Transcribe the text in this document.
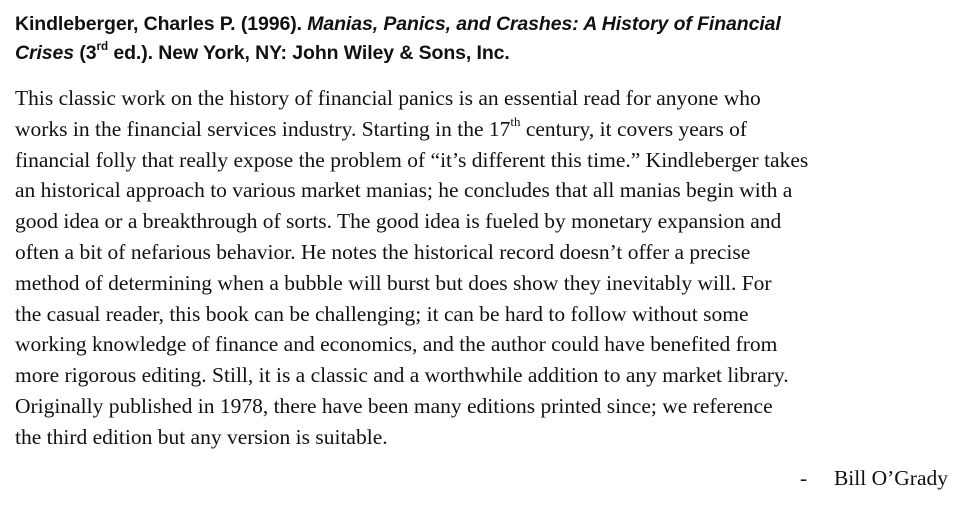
Kindleberger, Charles P. (1996). Manias, Panics, and Crashes: A History of Financial
Crises (3rd ed.). New York, NY: John Wiley & Sons, Inc.
This classic work on the history of financial panics is an essential read for anyone who
works in the financial services industry. Starting in the 17th century, it covers years of
financial folly that really expose the problem of “it’s different this time.” Kindleberger takes
an historical approach to various market manias; he concludes that all manias begin with a
good idea or a breakthrough of sorts. The good idea is fueled by monetary expansion and
often a bit of nefarious behavior. He notes the historical record doesn’t offer a precise
method of determining when a bubble will burst but does show they inevitably will. For
the casual reader, this book can be challenging; it can be hard to follow without some
working knowledge of finance and economics, and the author could have benefited from
more rigorous editing. Still, it is a classic and a worthwhile addition to any market library.
Originally published in 1978, there have been many editions printed since; we reference
the third edition but any version is suitable.
- Bill O’Grady
